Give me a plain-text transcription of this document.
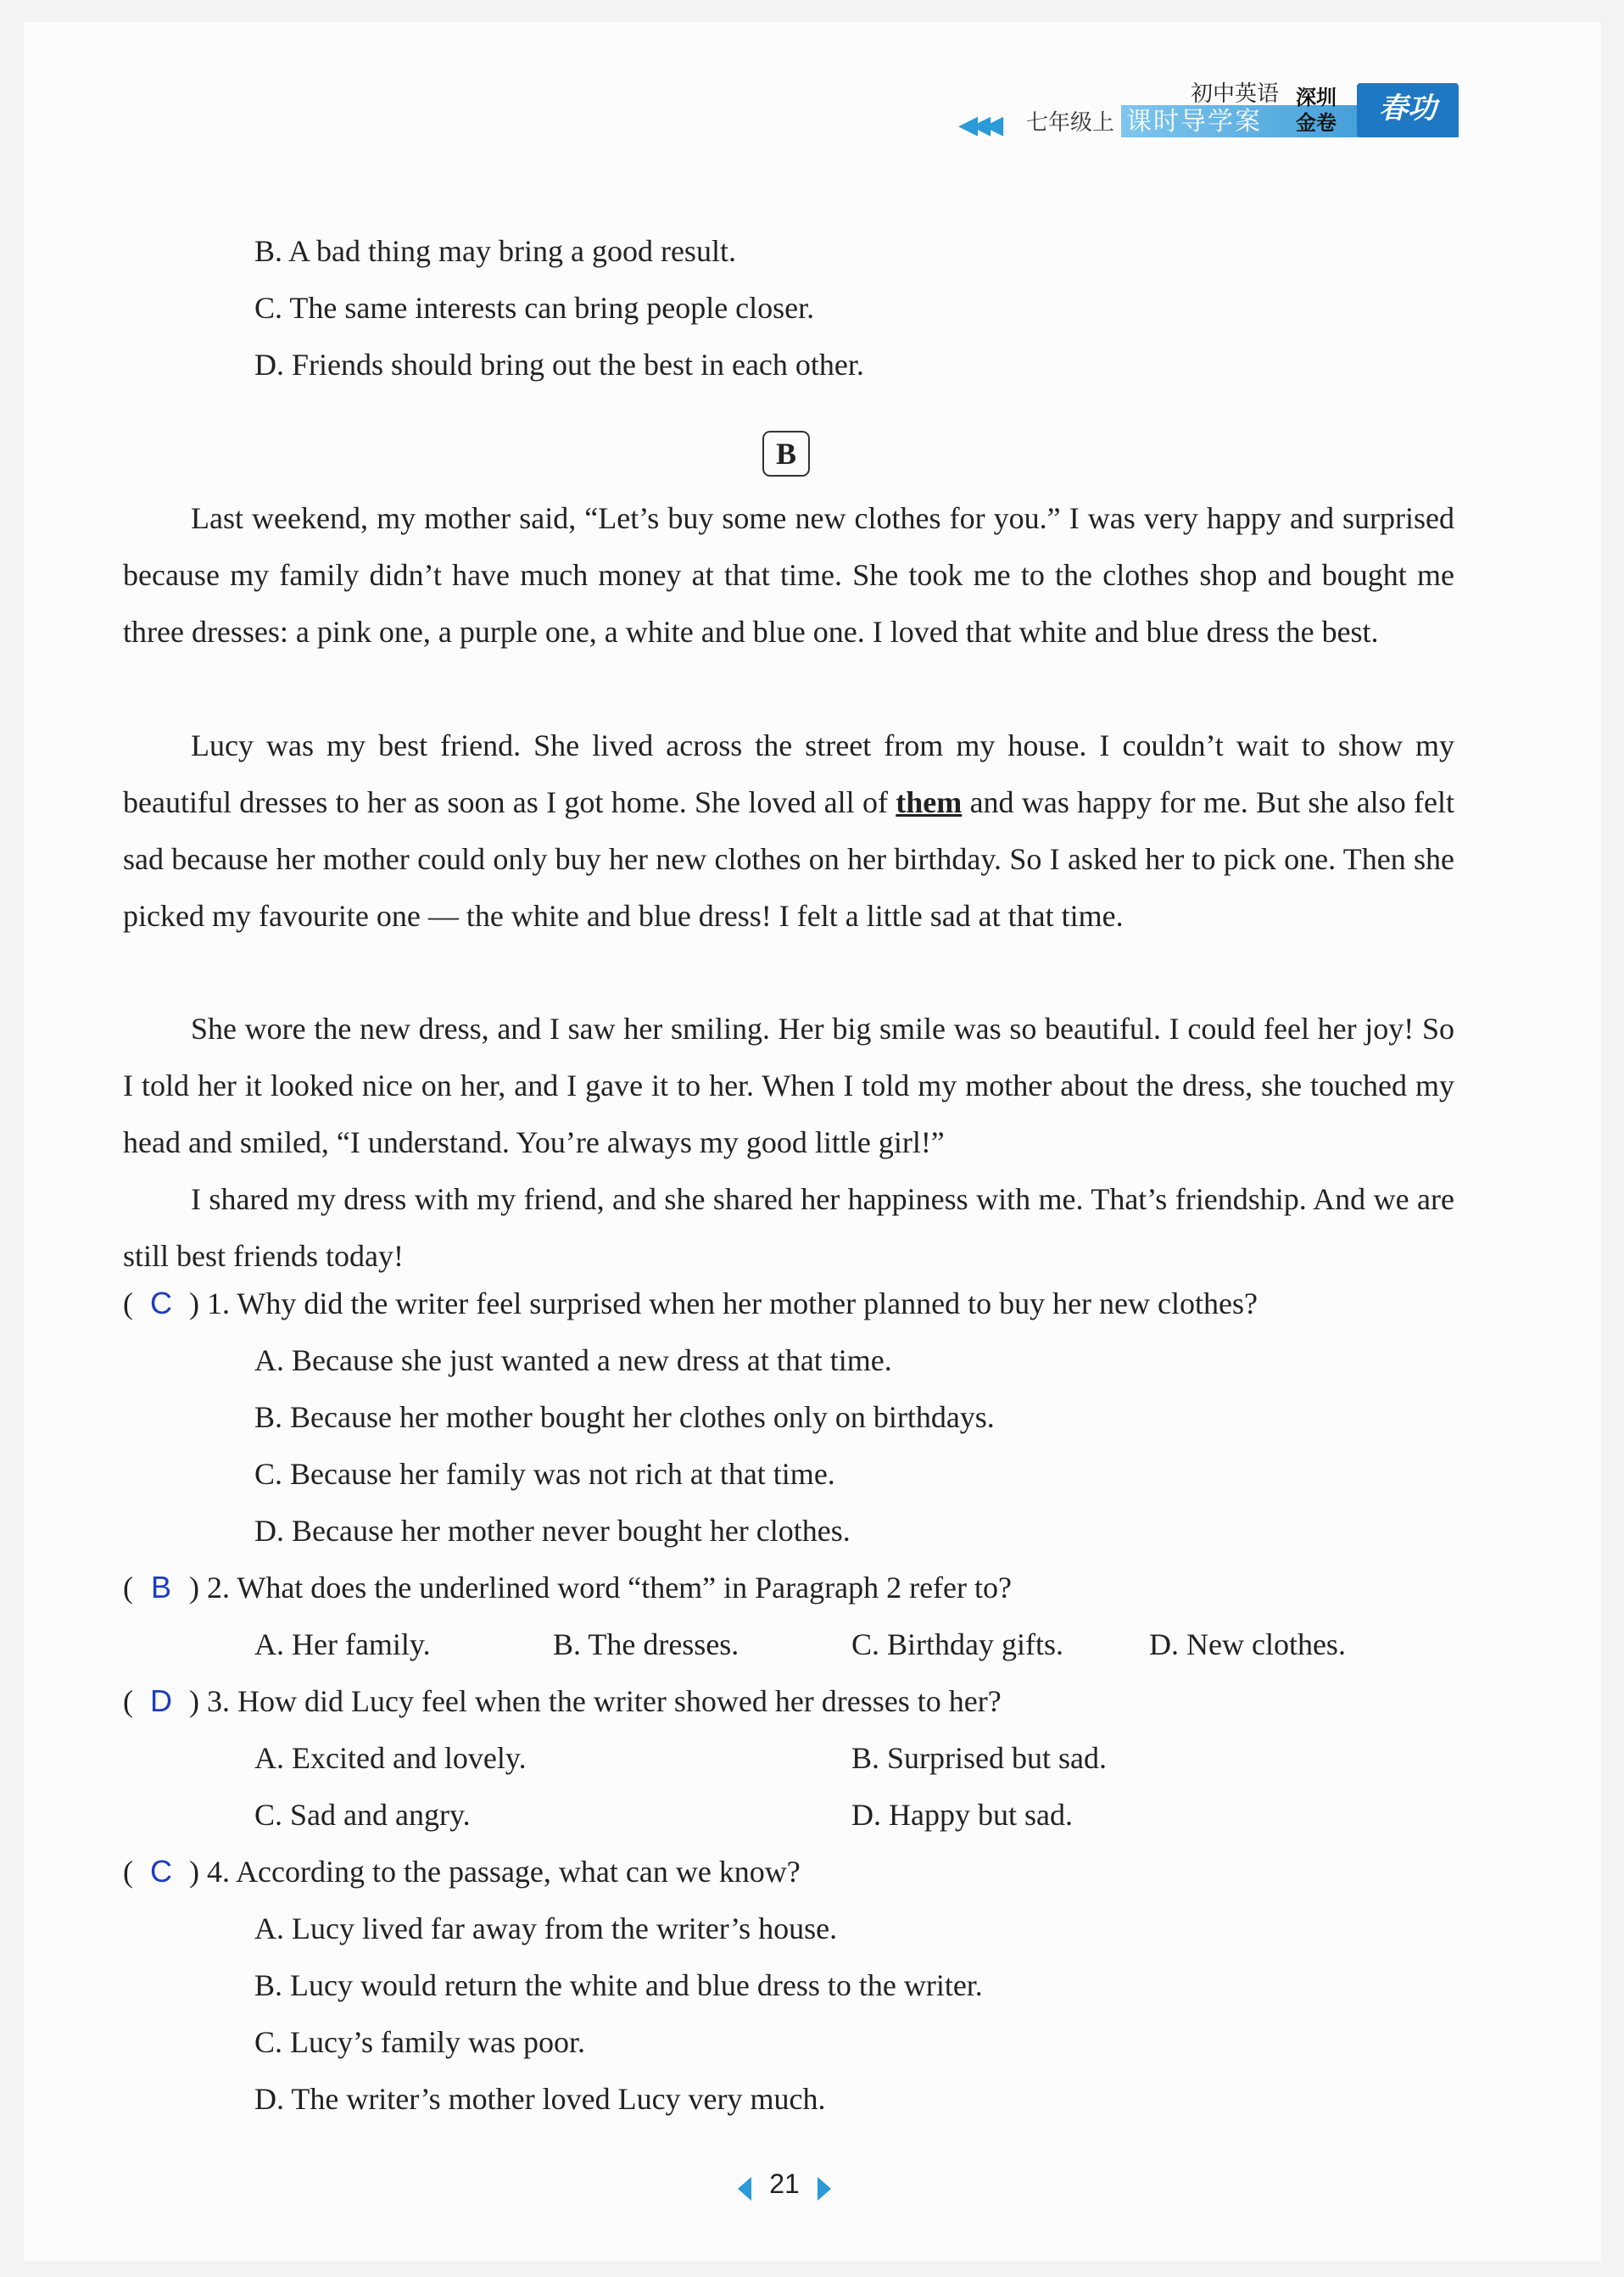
◀◀◀ 七年级上 课时导学案
初中英语 深圳金卷	春功
B. A bad thing may bring a good result.
C. The same interests can bring people closer.
D. Friends should bring out the best in each other.
B
Last weekend, my mother said, “Let’s buy some new clothes for you.” I was very happy and surprised because my family didn’t have much money at that time. She took me to the clothes shop and bought me three dresses: a pink one, a purple one, a white and blue one. I loved that white and blue dress the best.
Lucy was my best friend. She lived across the street from my house. I couldn’t wait to show my beautiful dresses to her as soon as I got home. She loved all of them and was happy for me. But she also felt sad because her mother could only buy her new clothes on her birthday. So I asked her to pick one. Then she picked my favourite one — the white and blue dress! I felt a little sad at that time.
She wore the new dress, and I saw her smiling. Her big smile was so beautiful. I could feel her joy! So I told her it looked nice on her, and I gave it to her. When I told my mother about the dress, she touched my head and smiled, “I understand. You’re always my good little girl!”
I shared my dress with my friend, and she shared her happiness with me. That’s friendship. And we are still best friends today!
( C ) 1. Why did the writer feel surprised when her mother planned to buy her new clothes?
A. Because she just wanted a new dress at that time.
B. Because her mother bought her clothes only on birthdays.
C. Because her family was not rich at that time.
D. Because her mother never bought her clothes.
( B ) 2. What does the underlined word “them” in Paragraph 2 refer to?
A. Her family.	B. The dresses.	C. Birthday gifts.	D. New clothes.
( D ) 3. How did Lucy feel when the writer showed her dresses to her?
A. Excited and lovely.	B. Surprised but sad.
C. Sad and angry.	D. Happy but sad.
( C ) 4. According to the passage, what can we know?
A. Lucy lived far away from the writer’s house.
B. Lucy would return the white and blue dress to the writer.
C. Lucy’s family was poor.
D. The writer’s mother loved Lucy very much.
21
